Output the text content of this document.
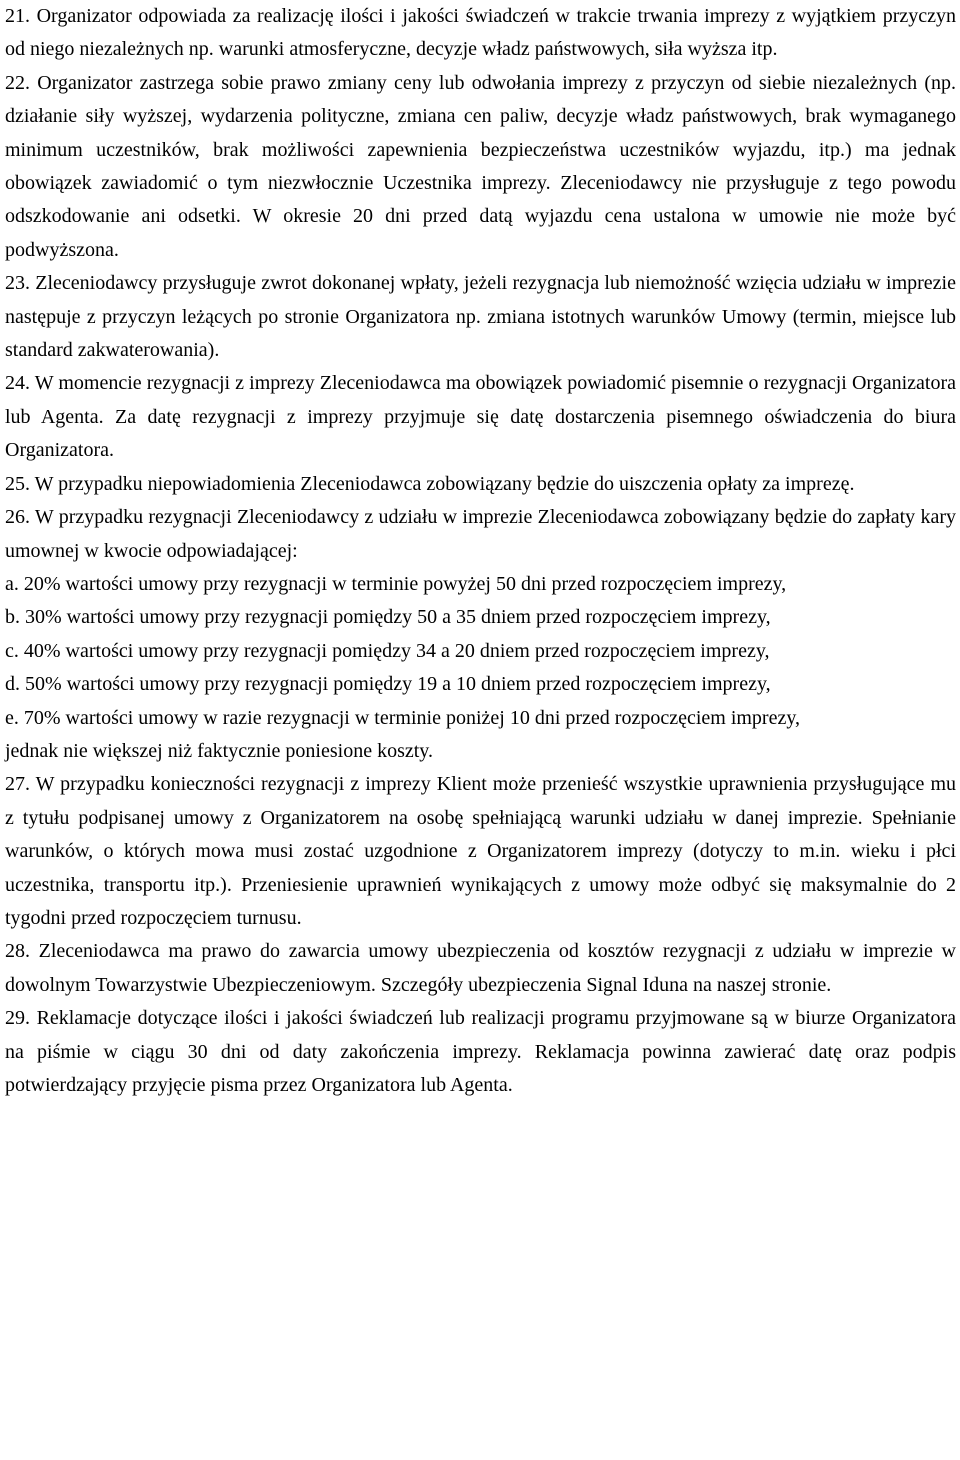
21. Organizator odpowiada za realizację ilości i jakości świadczeń w trakcie trwania imprezy z wyjątkiem przyczyn od niego niezależnych np. warunki atmosferyczne, decyzje władz państwowych, siła wyższa itp.

22. Organizator zastrzega sobie prawo zmiany ceny lub odwołania imprezy z przyczyn od siebie niezależnych (np. działanie siły wyższej, wydarzenia polityczne, zmiana cen paliw, decyzje władz państwowych, brak wymaganego minimum uczestników, brak możliwości zapewnienia bezpieczeństwa uczestników wyjazdu, itp.) ma jednak obowiązek zawiadomić o tym niezwłocznie Uczestnika imprezy. Zleceniodawcy nie przysługuje z tego powodu odszkodowanie ani odsetki. W okresie 20 dni przed datą wyjazdu cena ustalona w umowie nie może być podwyższona.

23. Zleceniodawcy przysługuje zwrot dokonanej wpłaty, jeżeli rezygnacja lub niemożność wzięcia udziału w imprezie następuje z przyczyn leżących po stronie Organizatora np. zmiana istotnych warunków Umowy (termin, miejsce lub standard zakwaterowania).

24. W momencie rezygnacji z imprezy Zleceniodawca ma obowiązek powiadomić pisemnie o rezygnacji Organizatora lub Agenta. Za datę rezygnacji z imprezy przyjmuje się datę dostarczenia pisemnego oświadczenia do biura Organizatora.

25. W przypadku niepowiadomienia Zleceniodawca zobowiązany będzie do uiszczenia opłaty za imprezę.

26. W przypadku rezygnacji Zleceniodawcy z udziału w imprezie Zleceniodawca zobowiązany będzie do zapłaty kary umownej w kwocie odpowiadającej:

a. 20% wartości umowy przy rezygnacji w terminie powyżej 50 dni przed rozpoczęciem imprezy,

b. 30% wartości umowy przy rezygnacji pomiędzy 50 a 35 dniem przed rozpoczęciem imprezy,

c. 40% wartości umowy przy rezygnacji pomiędzy 34 a 20 dniem przed rozpoczęciem imprezy,

d. 50% wartości umowy przy rezygnacji pomiędzy 19 a 10 dniem przed rozpoczęciem imprezy,

e. 70% wartości umowy w razie rezygnacji w terminie poniżej 10 dni przed rozpoczęciem imprezy,

jednak nie większej niż faktycznie poniesione koszty.

27. W przypadku konieczności rezygnacji z imprezy Klient może przenieść wszystkie uprawnienia przysługujące mu z tytułu podpisanej umowy z Organizatorem na osobę spełniającą warunki udziału w danej imprezie. Spełnianie warunków, o których mowa musi zostać uzgodnione z Organizatorem imprezy (dotyczy to m.in. wieku i płci uczestnika, transportu itp.). Przeniesienie uprawnień wynikających z umowy może odbyć się maksymalnie do 2 tygodni przed rozpoczęciem turnusu.

28. Zleceniodawca ma prawo do zawarcia umowy ubezpieczenia od kosztów rezygnacji z udziału w imprezie w dowolnym Towarzystwie Ubezpieczeniowym. Szczegóły ubezpieczenia Signal Iduna na naszej stronie.

29. Reklamacje dotyczące ilości i jakości świadczeń lub realizacji programu przyjmowane są w biurze Organizatora na piśmie w ciągu 30 dni od daty zakończenia imprezy. Reklamacja powinna zawierać datę oraz podpis potwierdzający przyjęcie pisma przez Organizatora lub Agenta.
